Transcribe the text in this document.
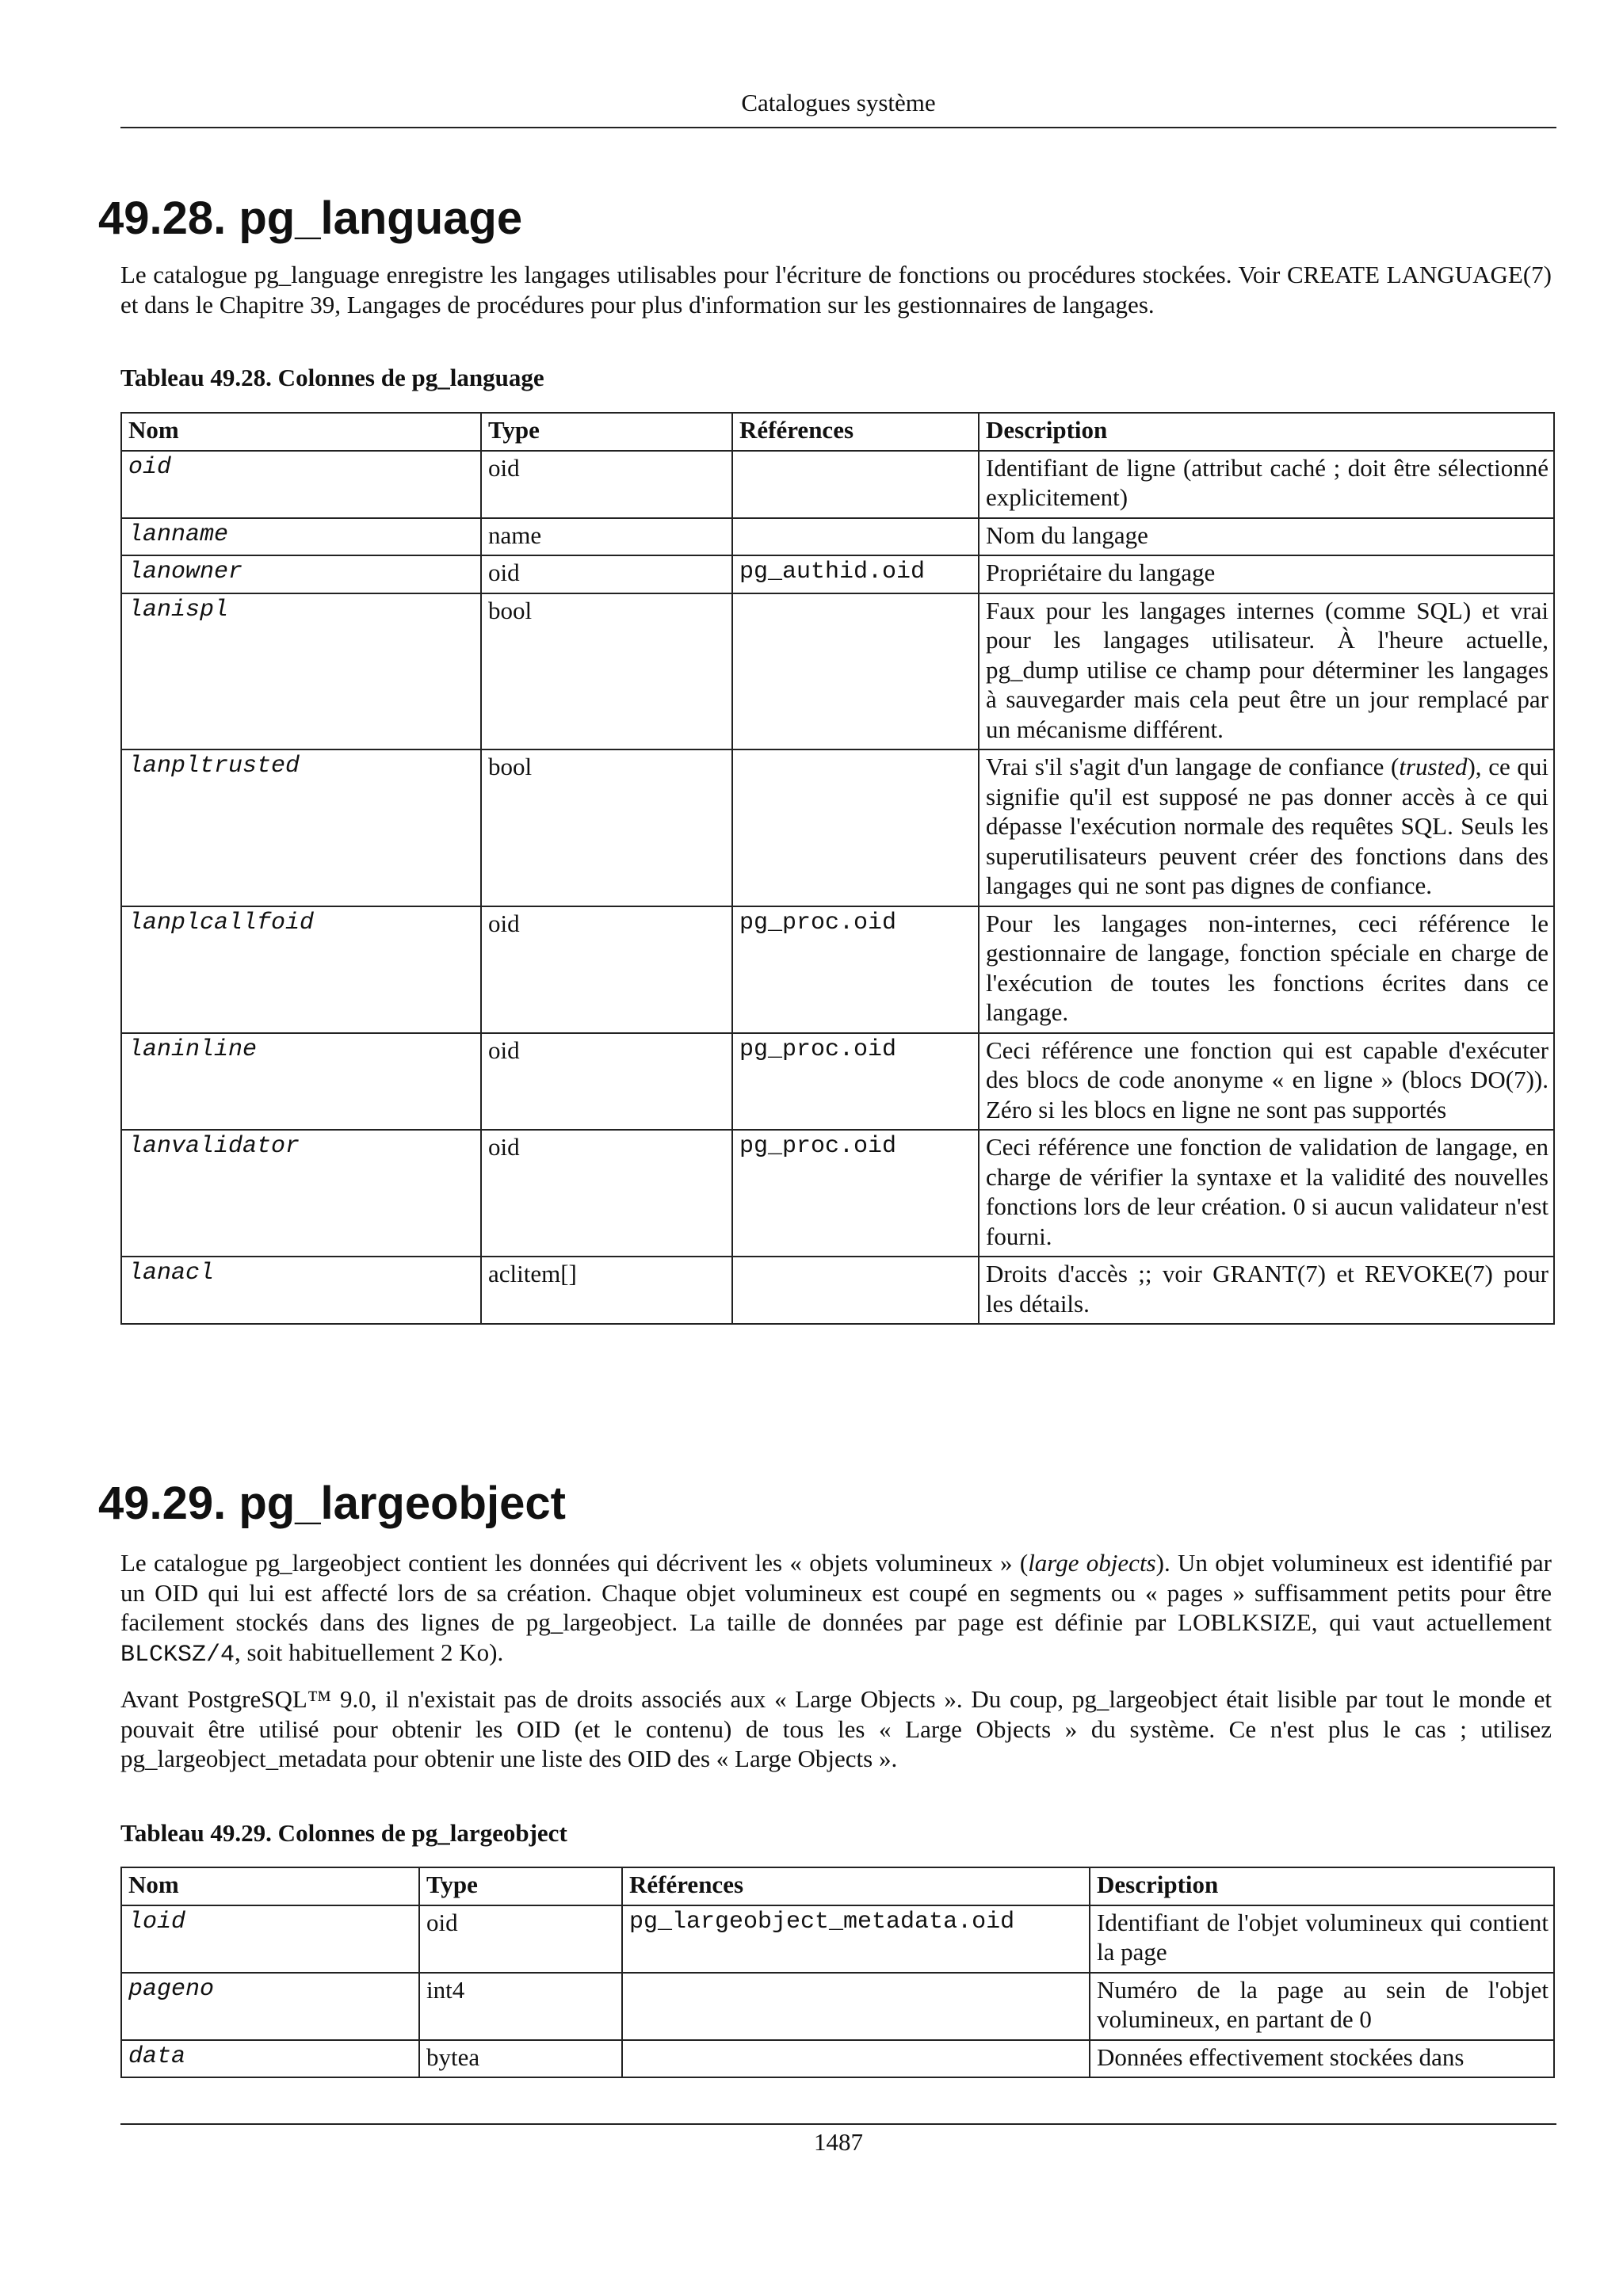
Catalogues système
49.28. pg_language

Le catalogue pg_language enregistre les langages utilisables pour l'écriture de fonctions ou procédures stockées. Voir CREATE LANGUAGE(7) et dans le Chapitre 39, Langages de procédures pour plus d'information sur les gestionnaires de langages.

Tableau 49.28. Colonnes de pg_language

Nom	Type	Références	Description
oid	oid		Identifiant de ligne (attribut caché ; doit être sélectionné explicitement)
lanname	name		Nom du langage
lanowner	oid	pg_authid.oid	Propriétaire du langage
lanispl	bool		Faux pour les langages internes (comme SQL) et vrai pour les langages utilisateur. À l'heure actuelle, pg_dump utilise ce champ pour déterminer les langages à sauvegarder mais cela peut être un jour remplacé par un mécanisme différent.
lanpltrusted	bool		Vrai s'il s'agit d'un langage de confiance (trusted), ce qui signifie qu'il est supposé ne pas donner accès à ce qui dépasse l'exécution normale des requêtes SQL. Seuls les superutilisateurs peuvent créer des fonctions dans des langages qui ne sont pas dignes de confiance.
lanplcallfoid	oid	pg_proc.oid	Pour les langages non-internes, ceci référence le gestionnaire de langage, fonction spéciale en charge de l'exécution de toutes les fonctions écrites dans ce langage.
laninline	oid	pg_proc.oid	Ceci référence une fonction qui est capable d'exécuter des blocs de code anonyme « en ligne » (blocs DO(7)). Zéro si les blocs en ligne ne sont pas supportés
lanvalidator	oid	pg_proc.oid	Ceci référence une fonction de validation de langage, en charge de vérifier la syntaxe et la validité des nouvelles fonctions lors de leur création. 0 si aucun validateur n'est fourni.
lanacl	aclitem[]		Droits d'accès ;; voir GRANT(7) et REVOKE(7) pour les détails.
49.29. pg_largeobject

Le catalogue pg_largeobject contient les données qui décrivent les « objets volumineux » (large objects). Un objet volumineux est identifié par un OID qui lui est affecté lors de sa création. Chaque objet volumineux est coupé en segments ou « pages » suffisamment petits pour être facilement stockés dans des lignes de pg_largeobject. La taille de données par page est définie par LOBLKSIZE, qui vaut actuellement BLCKSZ/4, soit habituellement 2 Ko).

Avant PostgreSQL™ 9.0, il n'existait pas de droits associés aux « Large Objects ». Du coup, pg_largeobject était lisible par tout le monde et pouvait être utilisé pour obtenir les OID (et le contenu) de tous les « Large Objects » du système. Ce n'est plus le cas ; utilisez pg_largeobject_metadata pour obtenir une liste des OID des « Large Objects ».

Tableau 49.29. Colonnes de pg_largeobject

Nom	Type	Références	Description
loid	oid	pg_largeobject_metadata.oid	Identifiant de l'objet volumineux qui contient la page
pageno	int4		Numéro de la page au sein de l'objet volumineux, en partant de 0
data	bytea		Données effectivement stockées dans
1487
